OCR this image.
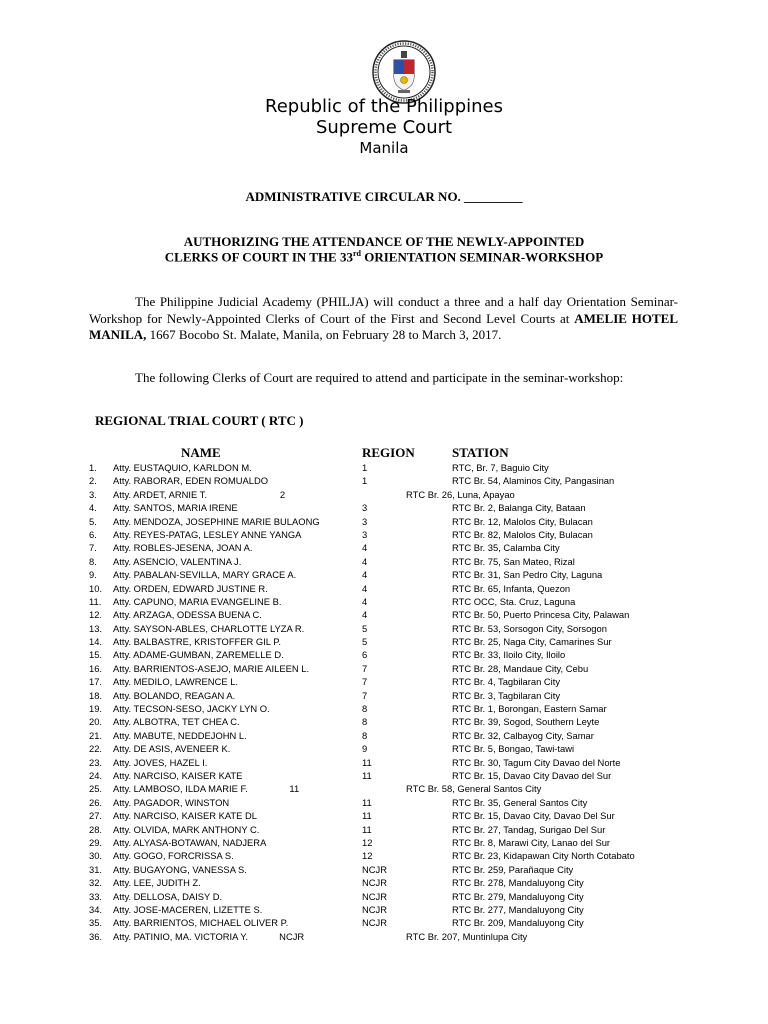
Republic of the Philippines
Supreme Court
Manila
ADMINISTRATIVE CIRCULAR NO. _________
AUTHORIZING THE ATTENDANCE OF THE NEWLY-APPOINTED
CLERKS OF COURT IN THE 33rd ORIENTATION SEMINAR-WORKSHOP

The Philippine Judicial Academy (PHILJA) will conduct a three and a half day Orientation Seminar-Workshop for Newly-Appointed Clerks of Court of the First and Second Level Courts at AMELIE HOTEL MANILA, 1667 Bocobo St. Malate, Manila, on February 28 to March 3, 2017.

The following Clerks of Court are required to attend and participate in the seminar-workshop:

REGIONAL TRIAL COURT ( RTC )
NAME	REGION	STATION
1. Atty. EUSTAQUIO, KARLDON M.	1	RTC, Br. 7, Baguio City
2. Atty. RABORAR, EDEN ROMUALDO	1	RTC Br. 54, Alaminos City, Pangasinan
3. Atty. ARDET, ARNIE T.                            2	RTC Br. 26, Luna, Apayao
4. Atty. SANTOS, MARIA IRENE	3	RTC Br. 2, Balanga City, Bataan
5. Atty. MENDOZA, JOSEPHINE MARIE BULAONG	3	RTC Br. 12, Malolos City, Bulacan
6. Atty. REYES-PATAG, LESLEY ANNE YANGA	3	RTC Br. 82, Malolos City, Bulacan
7. Atty. ROBLES-JESENA, JOAN A.	4	RTC Br. 35, Calamba City
8. Atty. ASENCIO, VALENTINA J.	4	RTC Br. 75, San Mateo, Rizal
9. Atty. PABALAN-SEVILLA, MARY GRACE A.	4	RTC Br. 31, San Pedro City, Laguna
10. Atty. ORDEN, EDWARD JUSTINE R.	4	RTC Br. 65, Infanta, Quezon
11. Atty. CAPUNO, MARIA EVANGELINE B.	4	RTC OCC, Sta. Cruz, Laguna
12. Atty. ARZAGA, ODESSA BUENA C.	4	RTC Br. 50, Puerto Princesa City, Palawan
13. Atty. SAYSON-ABLES, CHARLOTTE LYZA R.	5	RTC Br. 53, Sorsogon City, Sorsogon
14. Atty. BALBASTRE, KRISTOFFER GIL P.	5	RTC Br. 25, Naga City, Camarines Sur
15. Atty. ADAME-GUMBAN, ZAREMELLE D.	6	RTC Br. 33, Iloilo City, Iloilo
16. Atty. BARRIENTOS-ASEJO, MARIE AILEEN L.	7	RTC Br. 28, Mandaue City, Cebu
17. Atty. MEDILO, LAWRENCE L.	7	RTC Br. 4, Tagbilaran City
18. Atty. BOLANDO, REAGAN A.	7	RTC Br. 3, Tagbilaran City
19. Atty. TECSON-SESO, JACKY LYN O.	8	RTC Br. 1, Borongan, Eastern Samar
20. Atty. ALBOTRA, TET CHEA C.	8	RTC Br. 39, Sogod, Southern Leyte
21. Atty. MABUTE, NEDDEJOHN L.	8	RTC Br. 32, Calbayog City, Samar
22. Atty. DE ASIS, AVENEER K.	9	RTC Br. 5, Bongao, Tawi-tawi
23. Atty. JOVES, HAZEL I.	11	RTC Br. 30, Tagum City Davao del Norte
24. Atty. NARCISO, KAISER KATE	11	RTC Br. 15, Davao City Davao del Sur
25. Atty. LAMBOSO, ILDA MARIE F.                11	RTC Br. 58, General Santos City
26. Atty. PAGADOR, WINSTON	11	RTC Br. 35, General Santos City
27. Atty. NARCISO, KAISER KATE DL	11	RTC Br. 15, Davao City, Davao Del Sur
28. Atty. OLVIDA, MARK ANTHONY C.	11	RTC Br. 27, Tandag, Surigao Del Sur
29. Atty. ALYASA-BOTAWAN, NADJERA	12	RTC Br. 8, Marawi City, Lanao del Sur
30. Atty. GOGO, FORCRISSA S.	12	RTC Br. 23, Kidapawan City North Cotabato
31. Atty. BUGAYONG, VANESSA S.	NCJR	RTC Br. 259, Parañaque City
32. Atty. LEE, JUDITH Z.	NCJR	RTC Br. 278, Mandaluyong City
33. Atty. DELLOSA, DAISY D.	NCJR	RTC Br. 279, Mandaluyong City
34. Atty. JOSE-MACEREN, LIZETTE S.	NCJR	RTC Br. 277, Mandaluyong City
35. Atty. BARRIENTOS, MICHAEL OLIVER P.	NCJR	RTC Br. 209, Mandaluyong City
36. Atty. PATINIO, MA. VICTORIA Y.            NCJR	RTC Br. 207, Muntinlupa City
